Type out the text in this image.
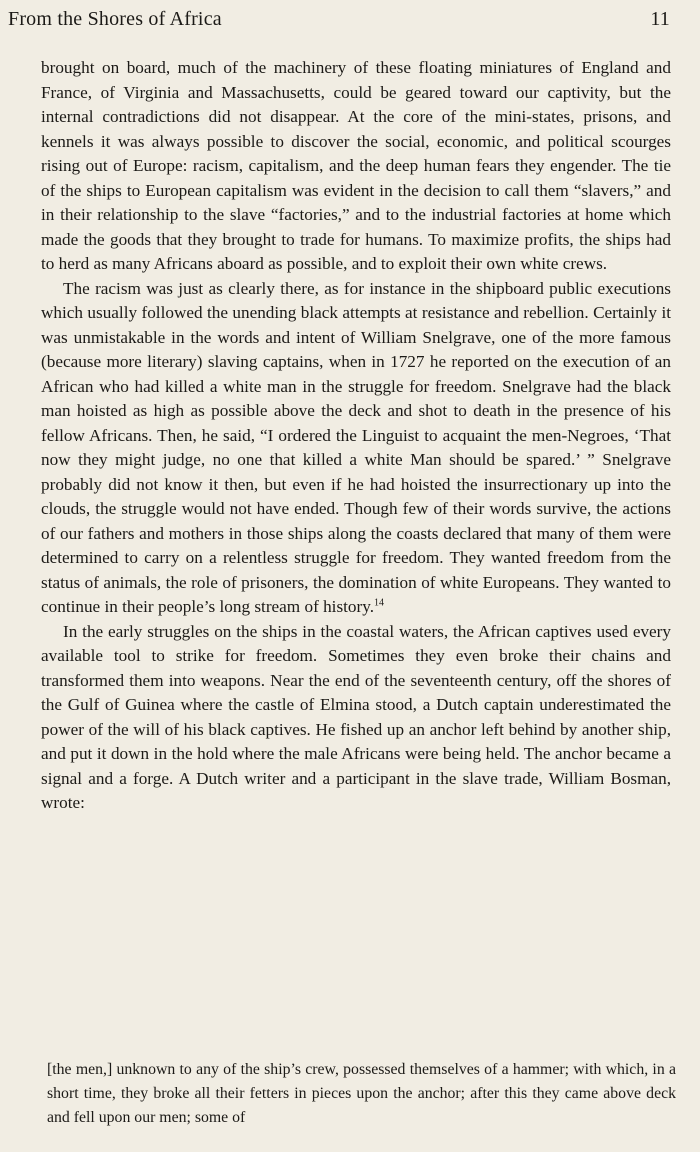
From the Shores of Africa	11

brought on board, much of the machinery of these floating miniatures of England and France, of Virginia and Massachusetts, could be geared toward our captivity, but the internal contradictions did not disappear. At the core of the mini-states, prisons, and kennels it was always possible to discover the social, economic, and political scourges rising out of Europe: racism, capitalism, and the deep human fears they engender. The tie of the ships to European capitalism was evident in the decision to call them “slavers,” and in their relationship to the slave “factories,” and to the industrial factories at home which made the goods that they brought to trade for humans. To maximize profits, the ships had to herd as many Africans aboard as possible, and to exploit their own white crews.

The racism was just as clearly there, as for instance in the shipboard public executions which usually followed the unending black attempts at resistance and rebellion. Certainly it was unmistakable in the words and intent of William Snelgrave, one of the more famous (because more literary) slaving captains, when in 1727 he reported on the execution of an African who had killed a white man in the struggle for freedom. Snelgrave had the black man hoisted as high as possible above the deck and shot to death in the presence of his fellow Africans. Then, he said, “I ordered the Linguist to acquaint the men-Negroes, ‘That now they might judge, no one that killed a white Man should be spared.’ ” Snelgrave probably did not know it then, but even if he had hoisted the insurrectionary up into the clouds, the struggle would not have ended. Though few of their words survive, the actions of our fathers and mothers in those ships along the coasts declared that many of them were determined to carry on a relentless struggle for freedom. They wanted freedom from the status of animals, the role of prisoners, the domination of white Europeans. They wanted to continue in their people’s long stream of history.$^{14}$

In the early struggles on the ships in the coastal waters, the African captives used every available tool to strike for freedom. Sometimes they even broke their chains and transformed them into weapons. Near the end of the seventeenth century, off the shores of the Gulf of Guinea where the castle of Elmina stood, a Dutch captain underestimated the power of the will of his black captives. He fished up an anchor left behind by another ship, and put it down in the hold where the male Africans were being held. The anchor became a signal and a forge. A Dutch writer and a participant in the slave trade, William Bosman, wrote:

[the men,] unknown to any of the ship’s crew, possessed themselves of a hammer; with which, in a short time, they broke all their fetters in pieces upon the anchor; after this they came above deck and fell upon our men; some of
